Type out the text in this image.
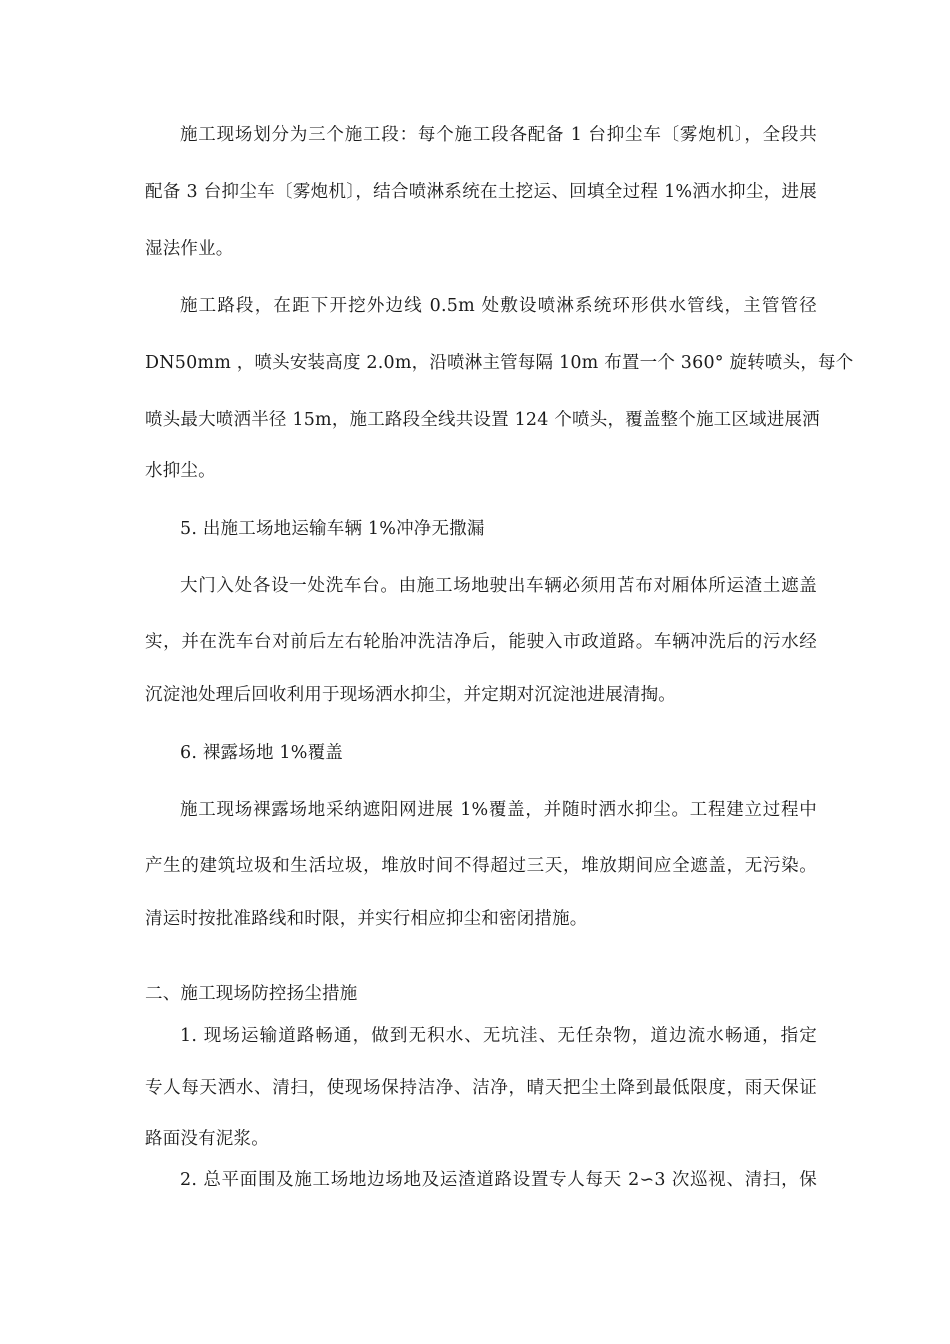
施工现场划分为三个施工段：每个施工段各配备 1 台抑尘车〔雾炮机〕，全段共
配备 3 台抑尘车〔雾炮机〕，结合喷淋系统在土挖运、回填全过程 1%洒水抑尘，进展
湿法作业。
施工路段，在距下开挖外边线 0.5m 处敷设喷淋系统环形供水管线，主管管径
DN50mm ，喷头安装高度 2.0m，沿喷淋主管每隔 10m 布置一个 360° 旋转喷头，每个
喷头最大喷洒半径 15m，施工路段全线共设置 124 个喷头，覆盖整个施工区域进展洒
水抑尘。
5. 出施工场地运输车辆 1%冲净无撒漏
大门入处各设一处洗车台。由施工场地驶出车辆必须用苫布对厢体所运渣土遮盖
实，并在洗车台对前后左右轮胎冲洗洁净后，能驶入市政道路。车辆冲洗后的污水经
沉淀池处理后回收利用于现场洒水抑尘，并定期对沉淀池进展清掏。
6. 裸露场地 1%覆盖
施工现场裸露场地采纳遮阳网进展 1%覆盖，并随时洒水抑尘。工程建立过程中
产生的建筑垃圾和生活垃圾，堆放时间不得超过三天，堆放期间应全遮盖，无污染。
清运时按批准路线和时限，并实行相应抑尘和密闭措施。
二、施工现场防控扬尘措施
1. 现场运输道路畅通，做到无积水、无坑洼、无任杂物，道边流水畅通，指定
专人每天洒水、清扫，使现场保持洁净、洁净，晴天把尘土降到最低限度，雨天保证
路面没有泥浆。
2. 总平面围及施工场地边场地及运渣道路设置专人每天 2∽3 次巡视、清扫，保
